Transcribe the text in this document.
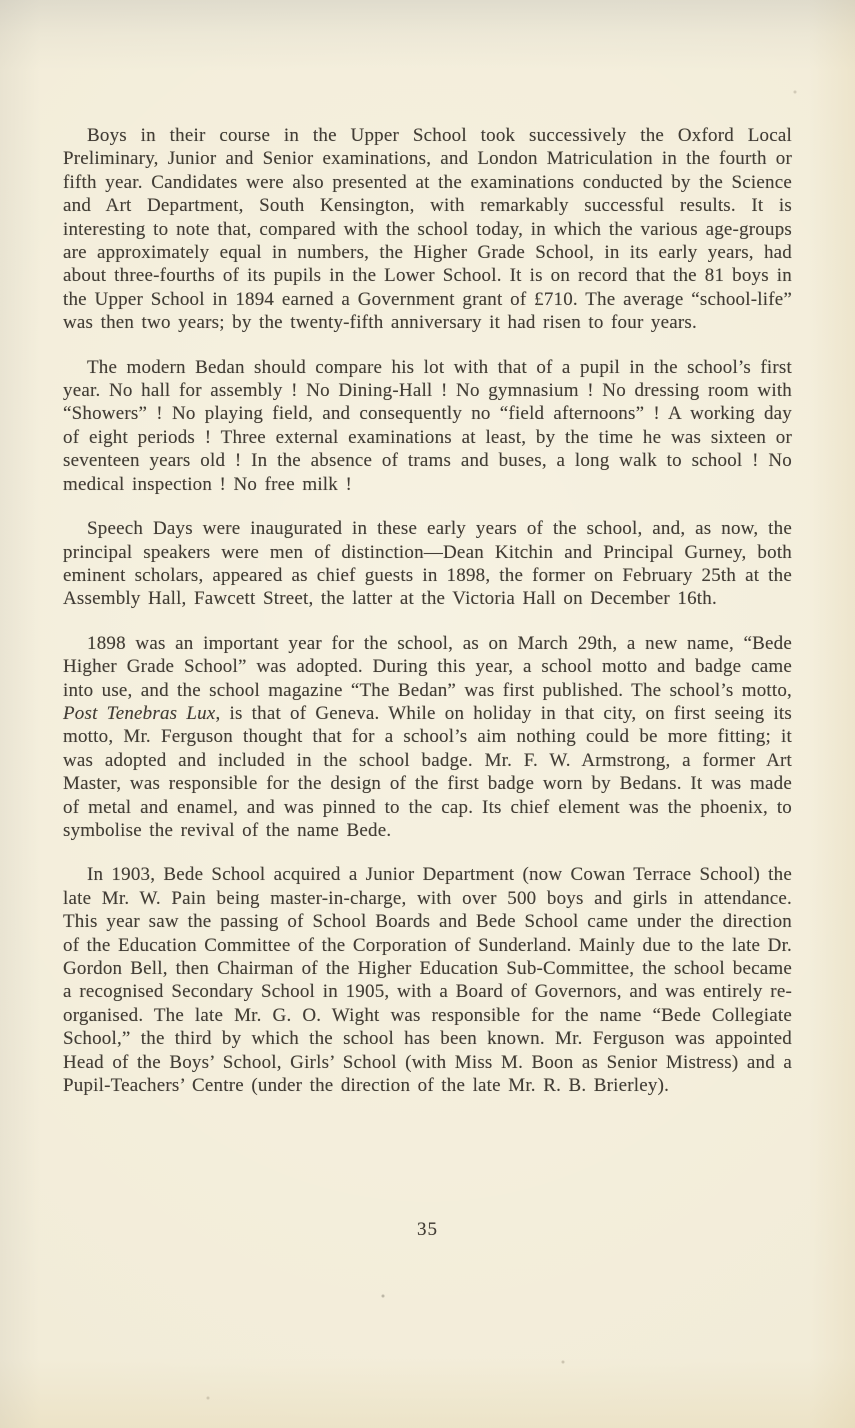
Boys in their course in the Upper School took successively the Oxford Local Preliminary, Junior and Senior examinations, and London Matriculation in the fourth or fifth year. Candidates were also presented at the examinations conducted by the Science and Art Department, South Kensington, with remarkably successful results. It is interesting to note that, compared with the school today, in which the various age-groups are approximately equal in numbers, the Higher Grade School, in its early years, had about three-fourths of its pupils in the Lower School. It is on record that the 81 boys in the Upper School in 1894 earned a Government grant of £710. The average “school-life” was then two years; by the twenty-fifth anniversary it had risen to four years.

The modern Bedan should compare his lot with that of a pupil in the school’s first year. No hall for assembly ! No Dining-Hall ! No gymnasium ! No dressing room with “Showers” ! No playing field, and consequently no “field afternoons” ! A working day of eight periods ! Three external examinations at least, by the time he was sixteen or seventeen years old ! In the absence of trams and buses, a long walk to school ! No medical inspection ! No free milk !

Speech Days were inaugurated in these early years of the school, and, as now, the principal speakers were men of distinction—Dean Kitchin and Principal Gurney, both eminent scholars, appeared as chief guests in 1898, the former on February 25th at the Assembly Hall, Fawcett Street, the latter at the Victoria Hall on December 16th.

1898 was an important year for the school, as on March 29th, a new name, “Bede Higher Grade School” was adopted. During this year, a school motto and badge came into use, and the school magazine “The Bedan” was first published. The school’s motto, Post Tenebras Lux, is that of Geneva. While on holiday in that city, on first seeing its motto, Mr. Ferguson thought that for a school’s aim nothing could be more fitting; it was adopted and included in the school badge. Mr. F. W. Armstrong, a former Art Master, was responsible for the design of the first badge worn by Bedans. It was made of metal and enamel, and was pinned to the cap. Its chief element was the phoenix, to symbolise the revival of the name Bede.

In 1903, Bede School acquired a Junior Department (now Cowan Terrace School) the late Mr. W. Pain being master-in-charge, with over 500 boys and girls in attendance. This year saw the passing of School Boards and Bede School came under the direction of the Education Committee of the Corporation of Sunderland. Mainly due to the late Dr. Gordon Bell, then Chairman of the Higher Education Sub-Committee, the school became a recognised Secondary School in 1905, with a Board of Governors, and was entirely re-organised. The late Mr. G. O. Wight was responsible for the name “Bede Collegiate School,” the third by which the school has been known. Mr. Ferguson was appointed Head of the Boys’ School, Girls’ School (with Miss M. Boon as Senior Mistress) and a Pupil-Teachers’ Centre (under the direction of the late Mr. R. B. Brierley).

35
